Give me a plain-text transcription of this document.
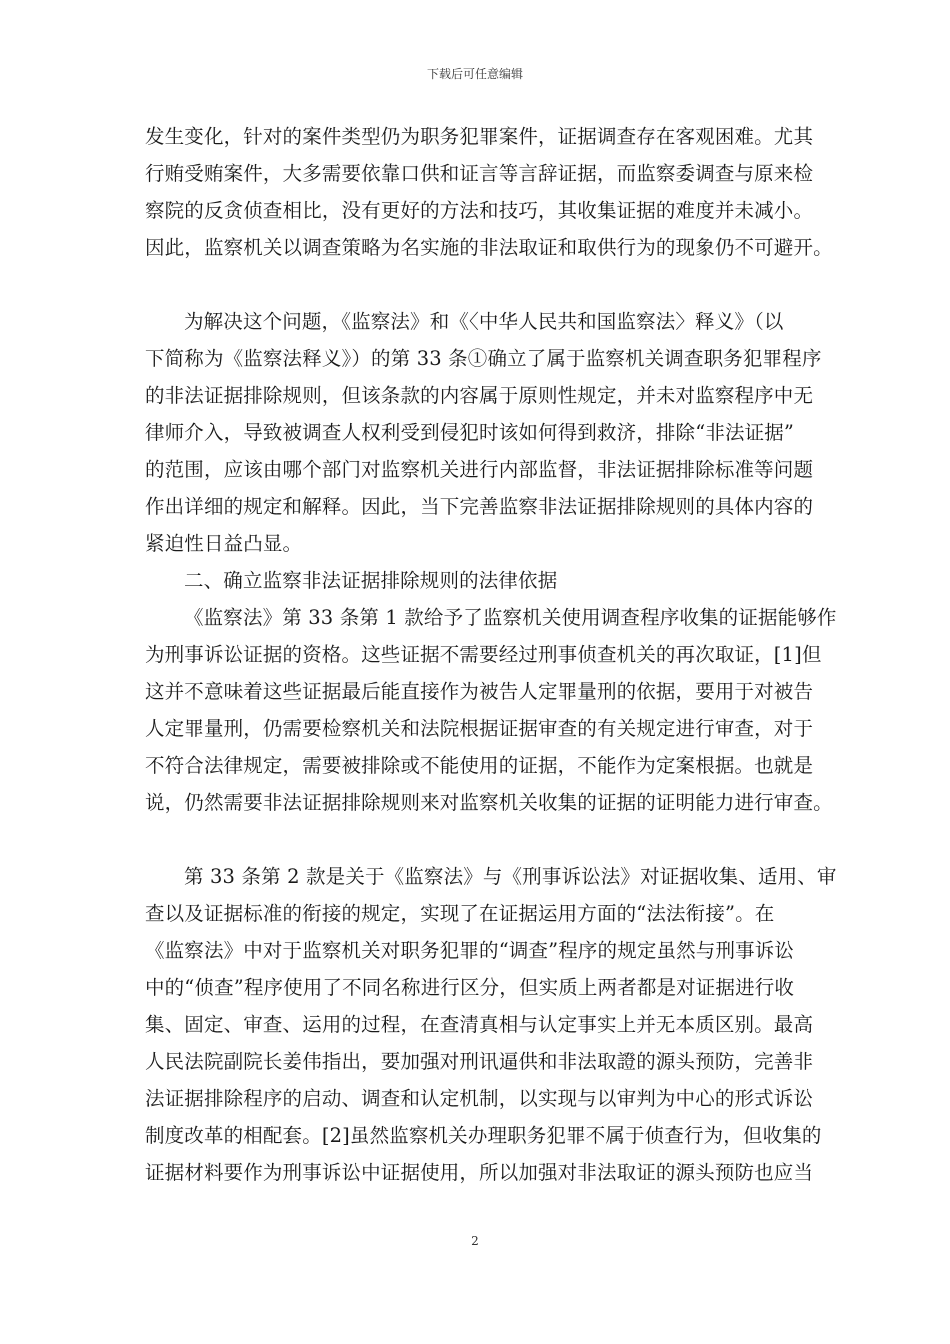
下载后可任意编辑
发生变化，针对的案件类型仍为职务犯罪案件，证据调查存在客观困难。尤其
行贿受贿案件，大多需要依靠口供和证言等言辞证据，而监察委调查与原来检
察院的反贪侦查相比，没有更好的方法和技巧，其收集证据的难度并未减小。
因此，监察机关以调查策略为名实施的非法取证和取供行为的现象仍不可避开。
为解决这个问题，《监察法》和《〈中华人民共和国监察法〉释义》（以
下简称为《监察法释义》）的第 33 条①确立了属于监察机关调查职务犯罪程序
的非法证据排除规则，但该条款的内容属于原则性规定，并未对监察程序中无
律师介入，导致被调查人权利受到侵犯时该如何得到救济，排除“非法证据”
的范围，应该由哪个部门对监察机关进行内部监督，非法证据排除标准等问题
作出详细的规定和解释。因此，当下完善监察非法证据排除规则的具体内容的
紧迫性日益凸显。
二、确立监察非法证据排除规则的法律依据
《监察法》第 33 条第 1 款给予了监察机关使用调查程序收集的证据能够作
为刑事诉讼证据的资格。这些证据不需要经过刑事侦查机关的再次取证，[1]但
这并不意味着这些证据最后能直接作为被告人定罪量刑的依据，要用于对被告
人定罪量刑，仍需要检察机关和法院根据证据审查的有关规定进行审查，对于
不符合法律规定，需要被排除或不能使用的证据，不能作为定案根据。也就是
说，仍然需要非法证据排除规则来对监察机关收集的证据的证明能力进行审查。
第 33 条第 2 款是关于《监察法》与《刑事诉讼法》对证据收集、适用、审
查以及证据标准的衔接的规定，实现了在证据运用方面的“法法衔接”。在
《监察法》中对于监察机关对职务犯罪的“调查”程序的规定虽然与刑事诉讼
中的“侦查”程序使用了不同名称进行区分，但实质上两者都是对证据进行收
集、固定、审查、运用的过程，在查清真相与认定事实上并无本质区别。最高
人民法院副院长姜伟指出，要加强对刑讯逼供和非法取證的源头预防，完善非
法证据排除程序的启动、调查和认定机制，以实现与以审判为中心的形式诉讼
制度改革的相配套。[2]虽然监察机关办理职务犯罪不属于侦查行为，但收集的
证据材料要作为刑事诉讼中证据使用，所以加强对非法取证的源头预防也应当
2
